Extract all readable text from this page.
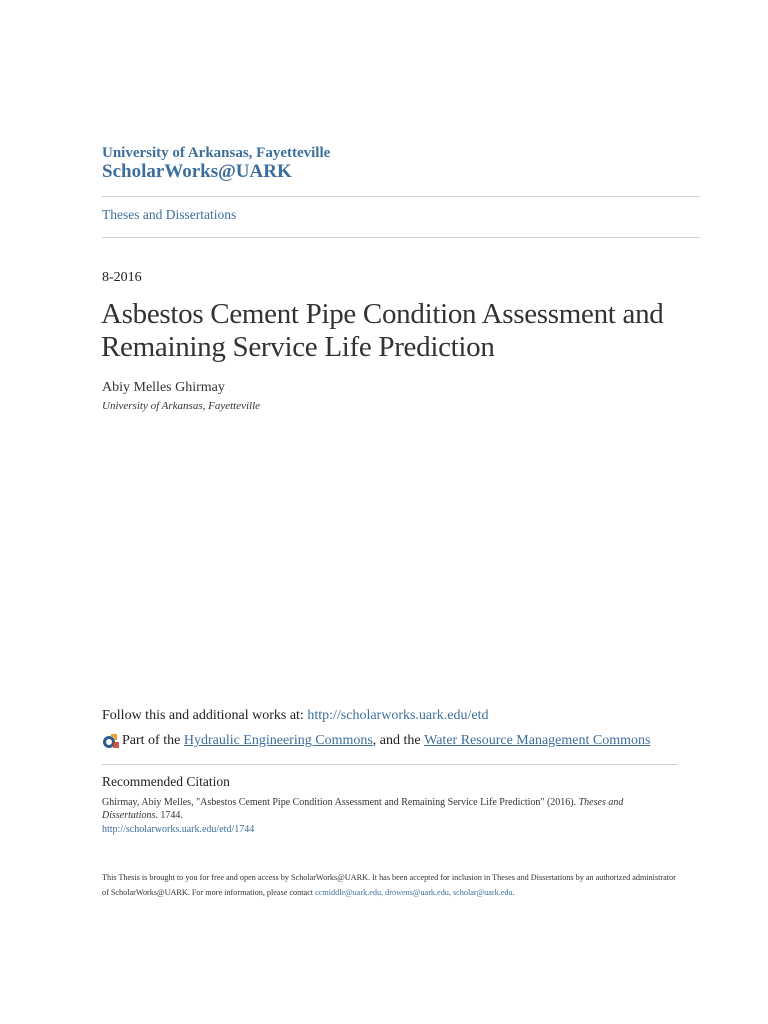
University of Arkansas, Fayetteville
ScholarWorks@UARK
Theses and Dissertations
8-2016
Asbestos Cement Pipe Condition Assessment and Remaining Service Life Prediction
Abiy Melles Ghirmay
University of Arkansas, Fayetteville
Follow this and additional works at: http://scholarworks.uark.edu/etd
Part of the Hydraulic Engineering Commons , and the Water Resource Management Commons
Recommended Citation
Ghirmay, Abiy Melles, "Asbestos Cement Pipe Condition Assessment and Remaining Service Life Prediction" (2016). Theses and Dissertations. 1744.
http://scholarworks.uark.edu/etd/1744
This Thesis is brought to you for free and open access by ScholarWorks@UARK. It has been accepted for inclusion in Theses and Dissertations by an authorized administrator of ScholarWorks@UARK. For more information, please contact ccmiddle@uark.edu, drowens@uark.edu, scholar@uark.edu.
